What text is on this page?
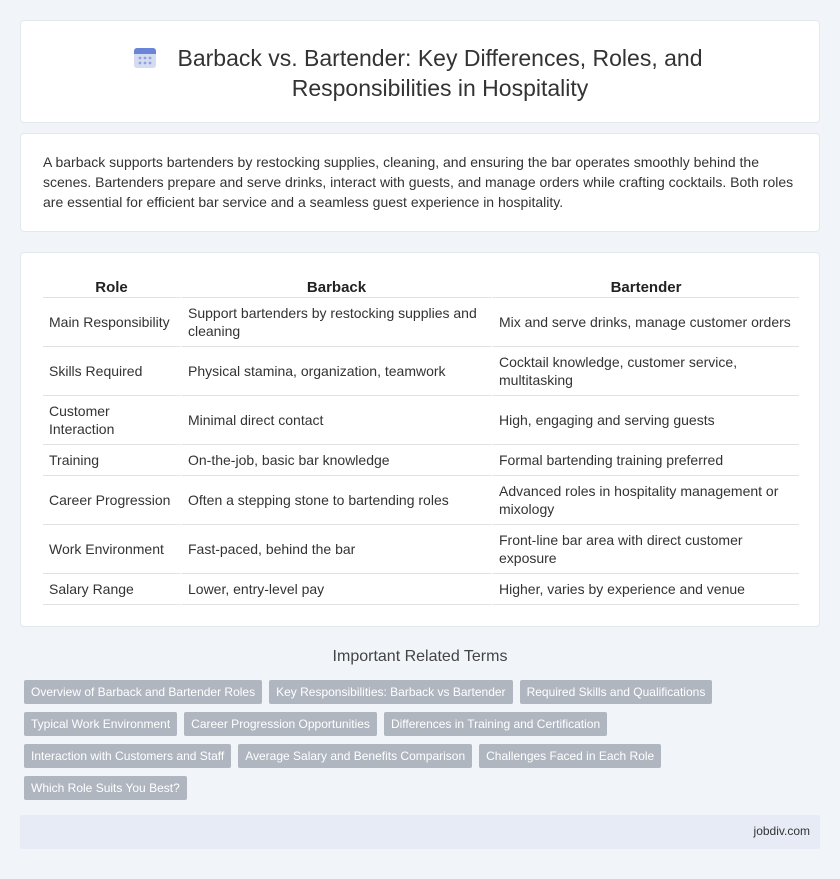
Barback vs. Bartender: Key Differences, Roles, and Responsibilities in Hospitality

A barback supports bartenders by restocking supplies, cleaning, and ensuring the bar operates smoothly behind the scenes. Bartenders prepare and serve drinks, interact with guests, and manage orders while crafting cocktails. Both roles are essential for efficient bar service and a seamless guest experience in hospitality.

Role	Barback	Bartender
Main Responsibility	Support bartenders by restocking supplies and cleaning	Mix and serve drinks, manage customer orders
Skills Required	Physical stamina, organization, teamwork	Cocktail knowledge, customer service, multitasking
Customer Interaction	Minimal direct contact	High, engaging and serving guests
Training	On-the-job, basic bar knowledge	Formal bartending training preferred
Career Progression	Often a stepping stone to bartending roles	Advanced roles in hospitality management or mixology
Work Environment	Fast-paced, behind the bar	Front-line bar area with direct customer exposure
Salary Range	Lower, entry-level pay	Higher, varies by experience and venue
Important Related Terms
Overview of Barback and Bartender Roles	Key Responsibilities: Barback vs Bartender	Required Skills and Qualifications
Typical Work Environment	Career Progression Opportunities	Differences in Training and Certification
Interaction with Customers and Staff	Average Salary and Benefits Comparison	Challenges Faced in Each Role
Which Role Suits You Best?
jobdiv.com
